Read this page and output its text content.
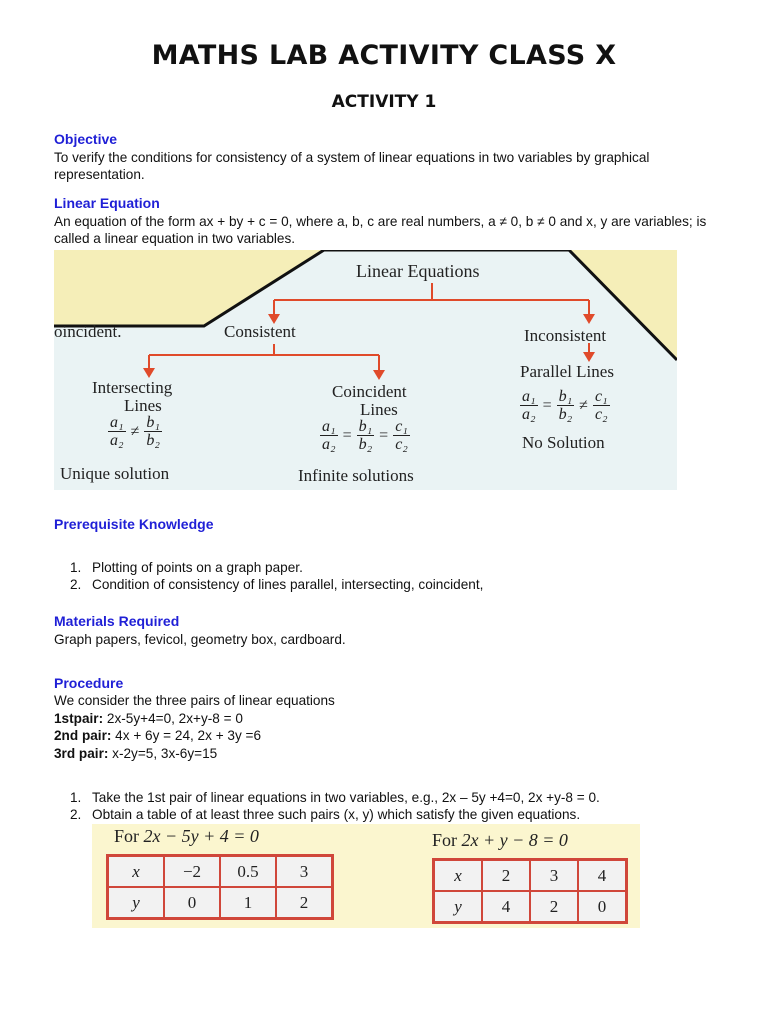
MATHS LAB ACTIVITY CLASS X
ACTIVITY 1
Objective
To verify the conditions for consistency of a system of linear equations in two variables by graphical representation.
Linear Equation
An equation of the form ax + by + c = 0, where a, b, c are real numbers, a ≠ 0, b ≠ 0 and x, y are variables; is called a linear equation in two variables.
Linear Equations
oincident.	Consistent	Inconsistent
Intersecting
Lines
Coincident
Lines
Parallel Lines
a₁
a₂
≠ b₁
b₂	$\frac{\text{a₁}}{\text{a₂}} = \frac{\text{b₁}}{\text{b₂}} = \frac{\text{c₁}}{\text{c₂}}$
$\frac{\text{a₁}}{\text{a₂}} = \frac{\text{b₁}}{\text{b₂}} \ne c_1$
c₂
Unique solution	Infinite solutions
No Solution
Prerequisite Knowledge
1. Plotting of points on a graph paper.
2. Condition of consistency of lines parallel, intersecting, coincident,
Materials Required
Graph papers, fevicol, geometry box, cardboard.
Procedure
We consider the three pairs of linear equations
1stpair: 2x-5y+4=0, 2x+y-8 = 0
2nd pair: 4x + 6y = 24, 2x + 3y =6
3rd pair: x-2y=5, 3x-6y=15
1. Take the 1st pair of linear equations in two variables, e.g., 2x – 5y +4=0, 2x +y-8 = 0.
2. Obtain a table of at least three such pairs (x, y) which satisfy the given equations.
For 2x − 5y + 4 = 0
x	−2	0.5	3
y	0	1	2
For 2x + y − 8 = 0
x	2	3	4
y	4	2	0
